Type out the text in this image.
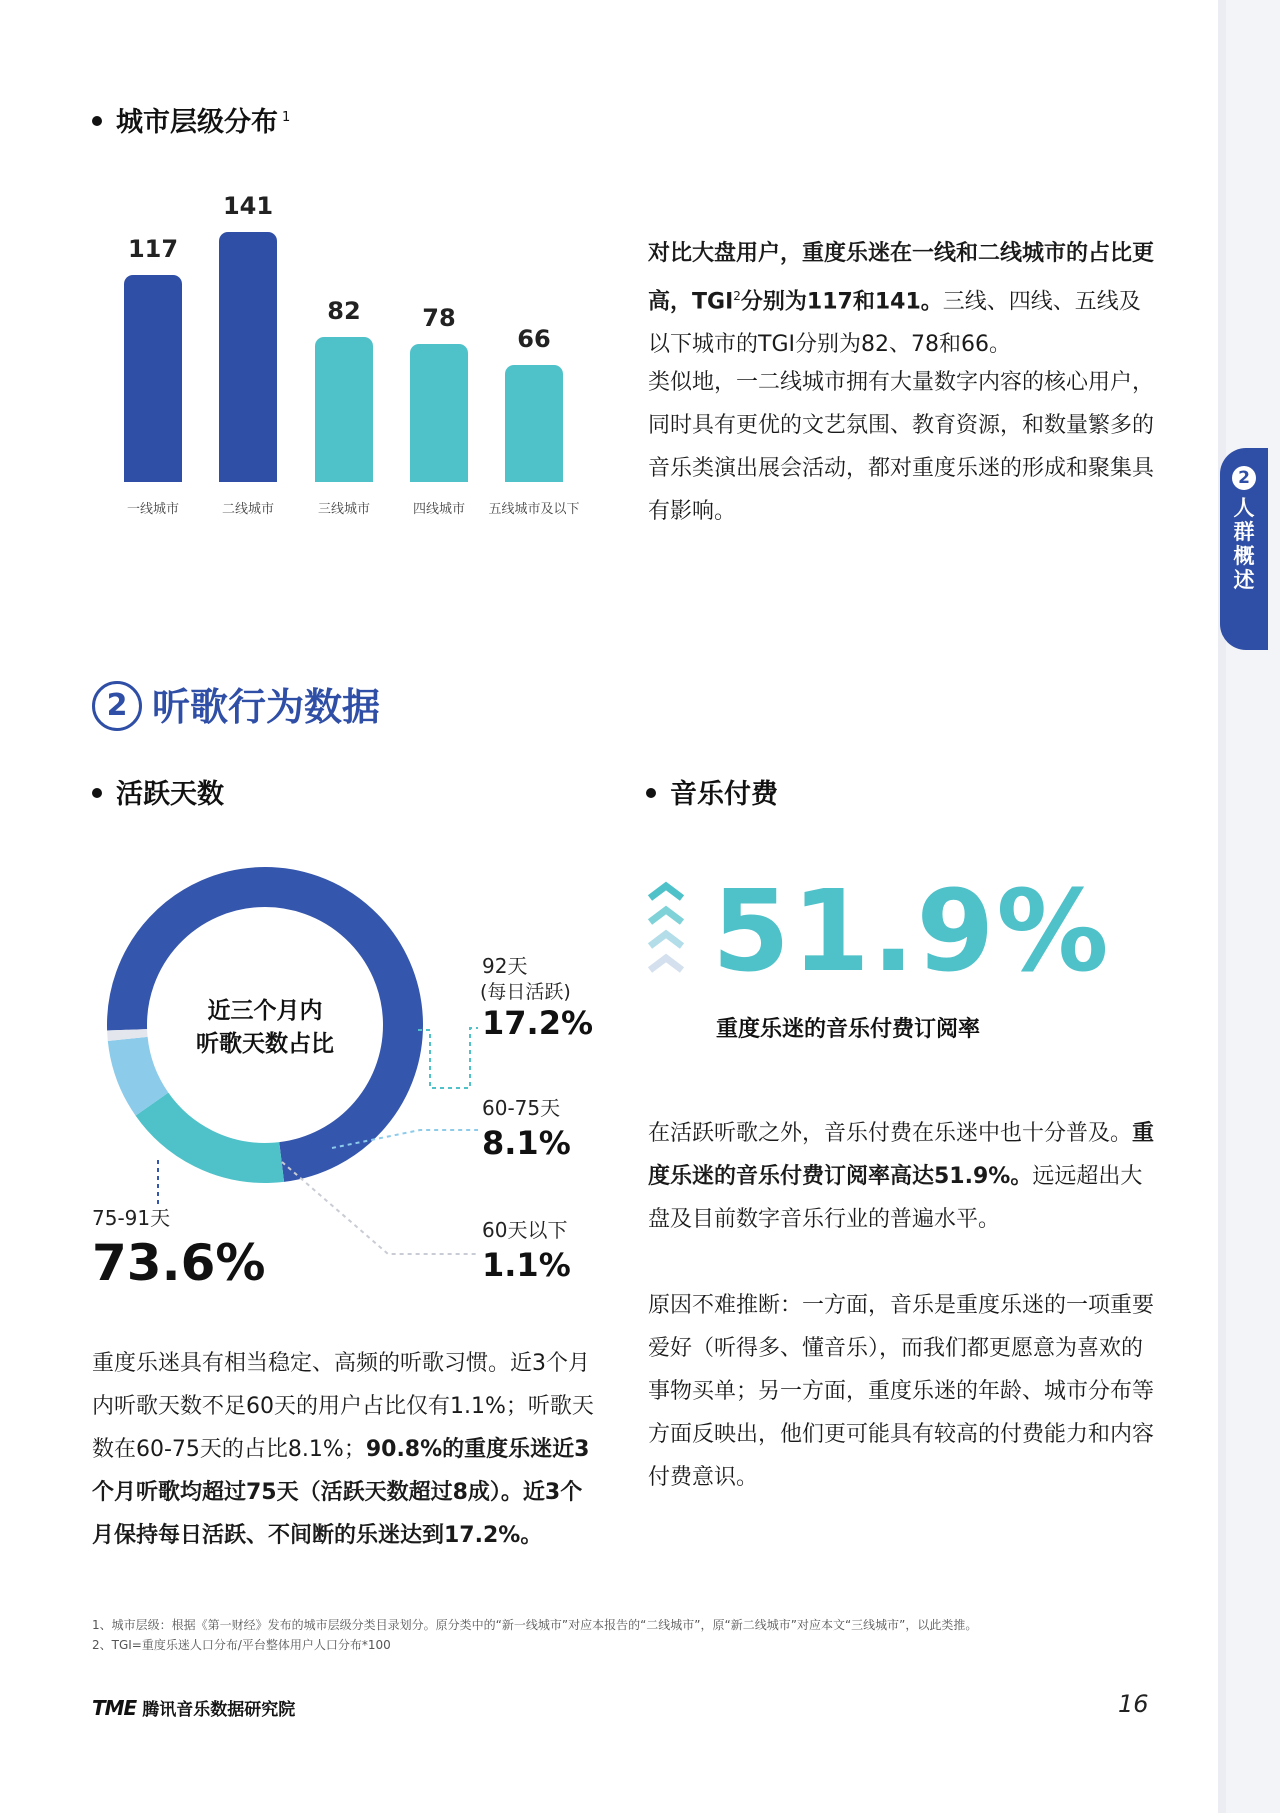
2
人群概述
城市层级分布 $^1$
117
一线城市
141
二线城市
82
三线城市
78
四线城市
66
五线城市及以下
对比大盘用户，重度乐迷在一线和二线城市的占比更高，TGI$^2$分别为117和141。三线、四线、五线及以下城市的TGI分别为82、78和66。
类似地，一二线城市拥有大量数字内容的核心用户，同时具有更优的文艺氛围、教育资源，和数量繁多的音乐类演出展会活动，都对重度乐迷的形成和聚集具有影响。
2 听歌行为数据
活跃天数	音乐付费
近三个月内
听歌天数占比
92天
(每日活跃)
17.2%
60-75天
8.1%
60天以下
1.1%
75-91天
73.6%
重度乐迷具有相当稳定、高频的听歌习惯。近3个月内听歌天数不足60天的用户占比仅有1.1%；听歌天数在60-75天的占比8.1%；90.8%的重度乐迷近3个月听歌均超过75天（活跃天数超过8成）。近3个月保持每日活跃、不间断的乐迷达到17.2%。
51.9%
重度乐迷的音乐付费订阅率
在活跃听歌之外，音乐付费在乐迷中也十分普及。重度乐迷的音乐付费订阅率高达51.9%。远远超出大盘及目前数字音乐行业的普遍水平。
原因不难推断：一方面，音乐是重度乐迷的一项重要爱好（听得多、懂音乐），而我们都更愿意为喜欢的事物买单；另一方面，重度乐迷的年龄、城市分布等方面反映出，他们更可能具有较高的付费能力和内容付费意识。
1、城市层级：根据《第一财经》发布的城市层级分类目录划分。原分类中的“新一线城市”对应本报告的“二线城市”，原“新二线城市”对应本文“三线城市”，以此类推。
2、TGI=重度乐迷人口分布/平台整体用户人口分布*100
TME 腾讯音乐数据研究院	16
